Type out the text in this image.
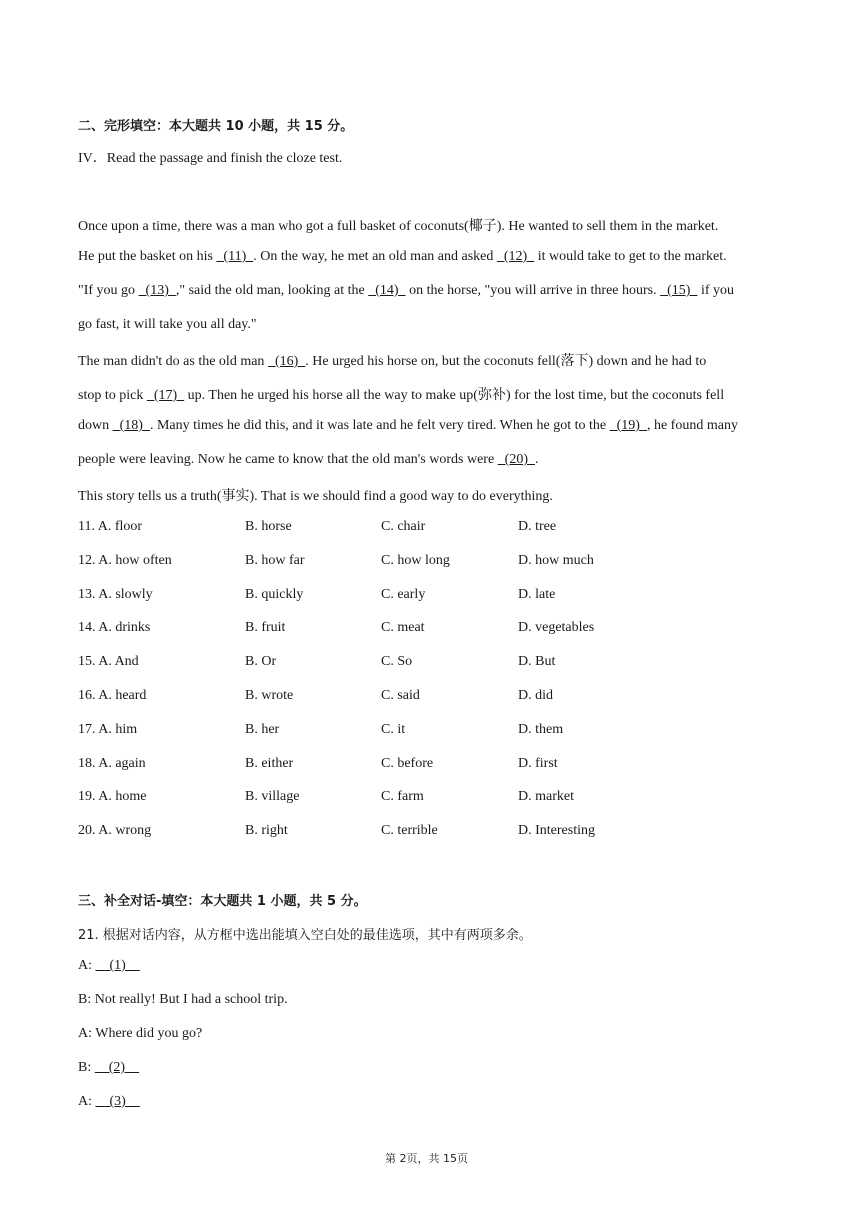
二、完形填空：本大题共 10 小题，共 15 分。
IV．Read the passage and finish the cloze test.
Once upon a time, there was a man who got a full basket of coconuts(椰子). He wanted to sell them in the market.
He put the basket on his   (11)  . On the way, he met an old man and asked   (12)   it would take to get to the market.
"If you go   (13)  ," said the old man, looking at the   (14)   on the horse, "you will arrive in three hours.   (15)   if you
go fast, it will take you all day."
The man didn't do as the old man   (16)  . He urged his horse on, but the coconuts fell(落下) down and he had to
stop to pick   (17)   up. Then he urged his horse all the way to make up(弥补) for the lost time, but the coconuts fell
down   (18)  . Many times he did this, and it was late and he felt very tired. When he got to the   (19)  , he found many
people were leaving. Now he came to know that the old man's words were   (20)  .
This story tells us a truth(事实). That is we should find a good way to do everything.
11. A. floor	B. horse	C. chair	D. tree
12. A. how often	B. how far	C. how long	D. how much
13. A. slowly	B. quickly	C. early	D. late
14. A. drinks	B. fruit	C. meat	D. vegetables
15. A. And	B. Or	C. So	D. But
16. A. heard	B. wrote	C. said	D. did
17. A. him	B. her	C. it	D. them
18. A. again	B. either	C. before	D. first
19. A. home	B. village	C. farm	D. market
20. A. wrong	B. right	C. terrible	D. Interesting
三、补全对话-填空：本大题共 1 小题，共 5 分。
21. 根据对话内容，从方框中选出能填入空白处的最佳选项，其中有两项多余。
A:     (1)
B: Not really! But I had a school trip.
A: Where did you go?
B:     (2)
A:     (3)
第 2页，共 15页
